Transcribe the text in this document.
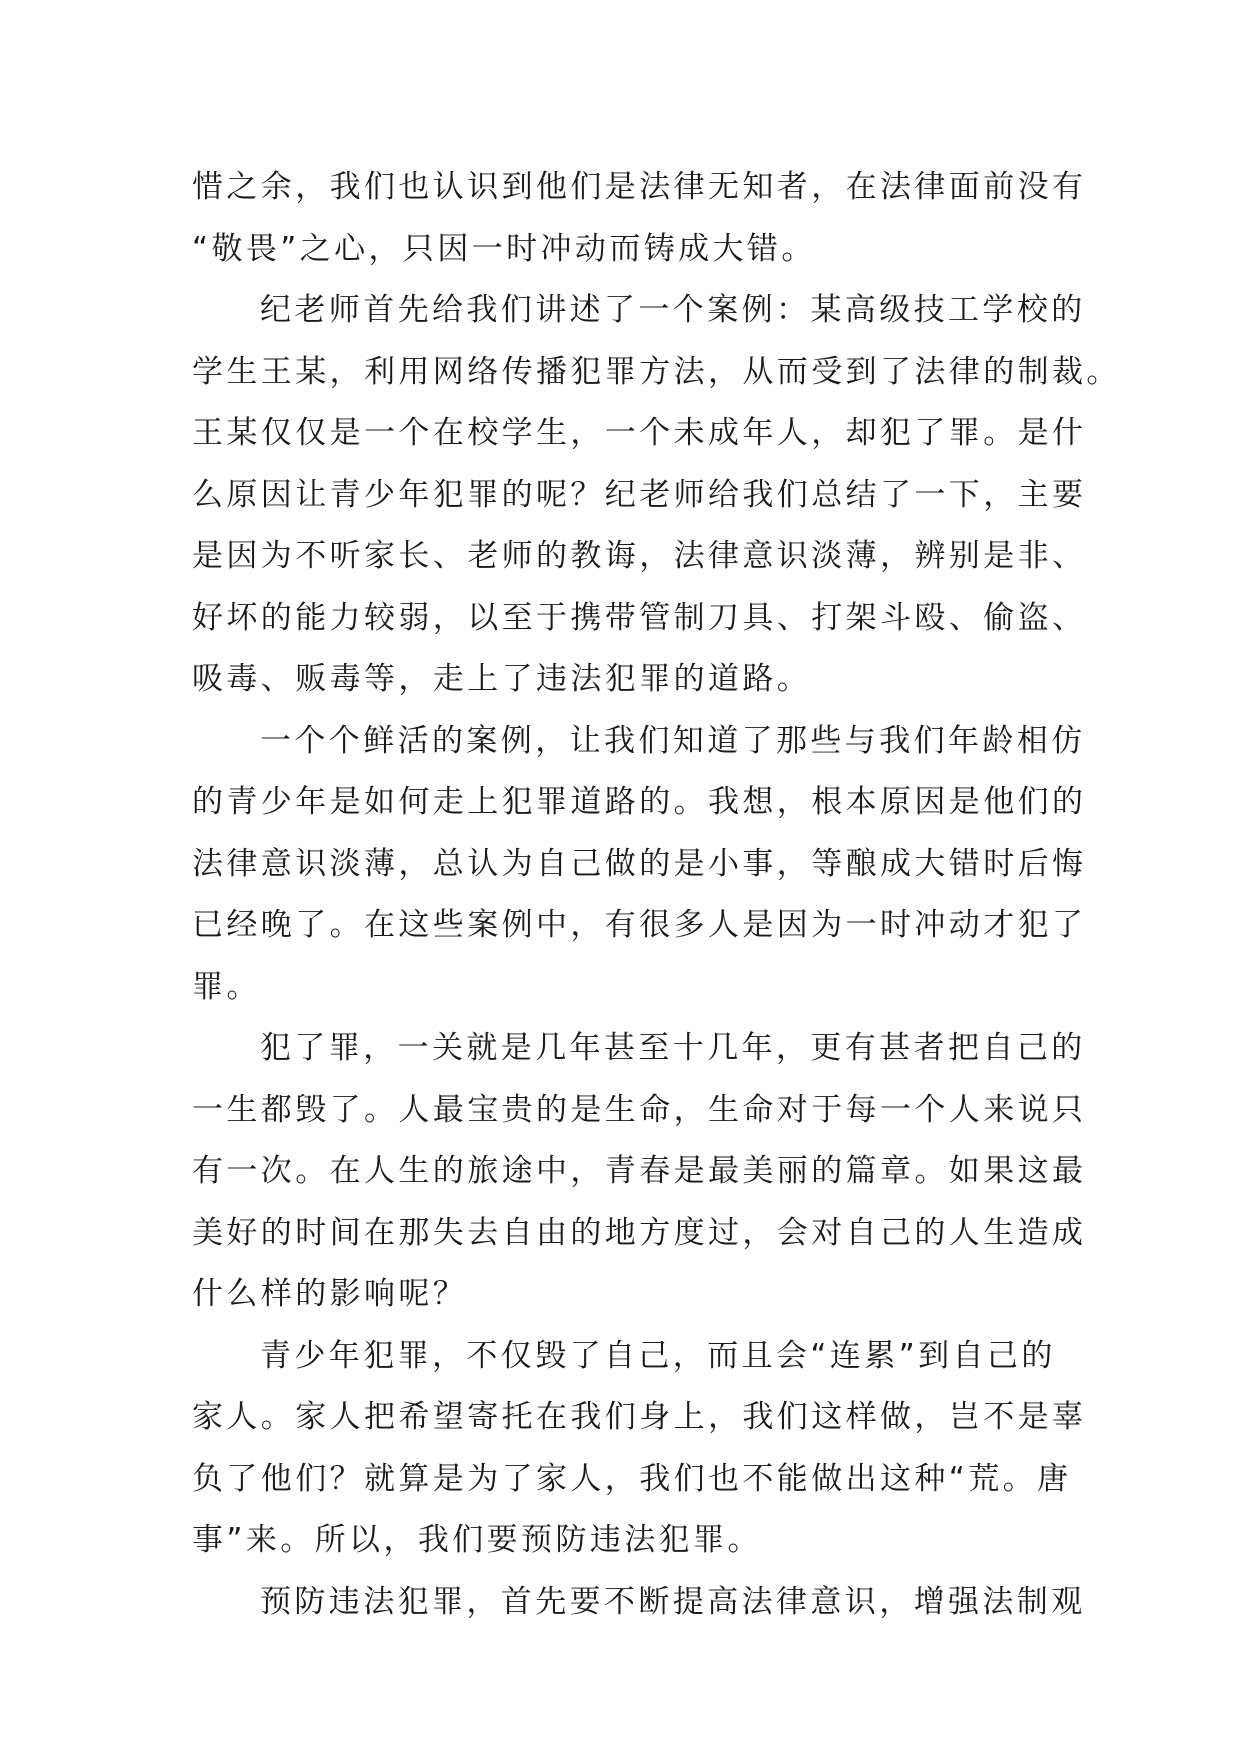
惜之余，我们也认识到他们是法律无知者，在法律面前没有
“敬畏”之心，只因一时冲动而铸成大错。

纪老师首先给我们讲述了一个案例：某高级技工学校的
学生王某，利用网络传播犯罪方法，从而受到了法律的制裁。
王某仅仅是一个在校学生，一个未成年人，却犯了罪。是什
么原因让青少年犯罪的呢？纪老师给我们总结了一下，主要
是因为不听家长、老师的教诲，法律意识淡薄，辨别是非、
好坏的能力较弱，以至于携带管制刀具、打架斗殴、偷盗、
吸毒、贩毒等，走上了违法犯罪的道路。

一个个鲜活的案例，让我们知道了那些与我们年龄相仿
的青少年是如何走上犯罪道路的。我想，根本原因是他们的
法律意识淡薄，总认为自己做的是小事，等酿成大错时后悔
已经晚了。在这些案例中，有很多人是因为一时冲动才犯了
罪。

犯了罪，一关就是几年甚至十几年，更有甚者把自己的
一生都毁了。人最宝贵的是生命，生命对于每一个人来说只
有一次。在人生的旅途中，青春是最美丽的篇章。如果这最
美好的时间在那失去自由的地方度过，会对自己的人生造成
什么样的影响呢？

青少年犯罪，不仅毁了自己，而且会“连累”到自己的
家人。家人把希望寄托在我们身上，我们这样做，岂不是辜
负了他们？就算是为了家人，我们也不能做出这种“荒。唐
事”来。所以，我们要预防违法犯罪。

预防违法犯罪，首先要不断提高法律意识，增强法制观
